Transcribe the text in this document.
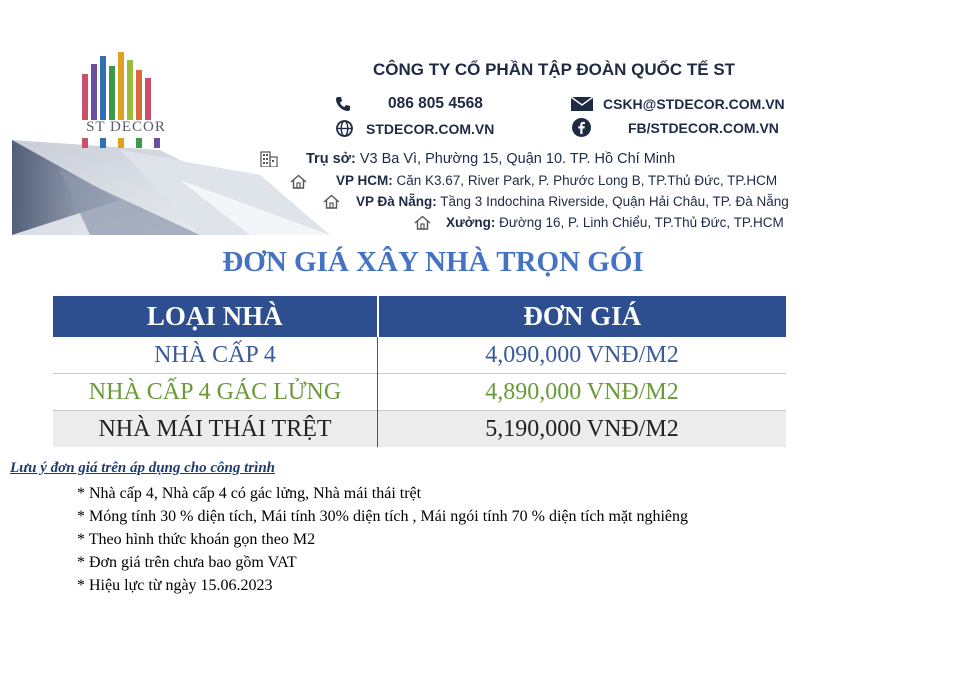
ST DECOR
CÔNG TY CỔ PHẦN TẬP ĐOÀN QUỐC TẾ ST
086 805 4568	CSKH@STDECOR.COM.VN
STDECOR.COM.VN	FB/STDECOR.COM.VN
Trụ sở: V3 Ba Vì, Phường 15, Quận 10. TP. Hồ Chí Minh
VP HCM: Căn K3.67, River Park, P. Phước Long B, TP.Thủ Đức, TP.HCM
VP Đà Nẵng: Tầng 3 Indochina Riverside, Quận Hải Châu, TP. Đà Nẵng
Xưởng: Đường 16, P. Linh Chiểu, TP.Thủ Đức, TP.HCM
ĐƠN GIÁ XÂY NHÀ TRỌN GÓI
LOẠI NHÀ	ĐƠN GIÁ
NHÀ CẤP 4	4,090,000 VNĐ/M2
NHÀ CẤP 4 GÁC LỬNG	4,890,000 VNĐ/M2
NHÀ MÁI THÁI TRỆT	5,190,000 VNĐ/M2
Lưu ý đơn giá trên áp dụng cho công trình
* Nhà cấp 4, Nhà cấp 4 có gác lửng, Nhà mái thái trệt
* Móng tính 30 % diện tích, Mái tính 30% diện tích , Mái ngói tính 70 % diện tích mặt nghiêng
* Theo hình thức khoán gọn theo M2
* Đơn giá trên chưa bao gồm VAT
* Hiệu lực từ ngày 15.06.2023
